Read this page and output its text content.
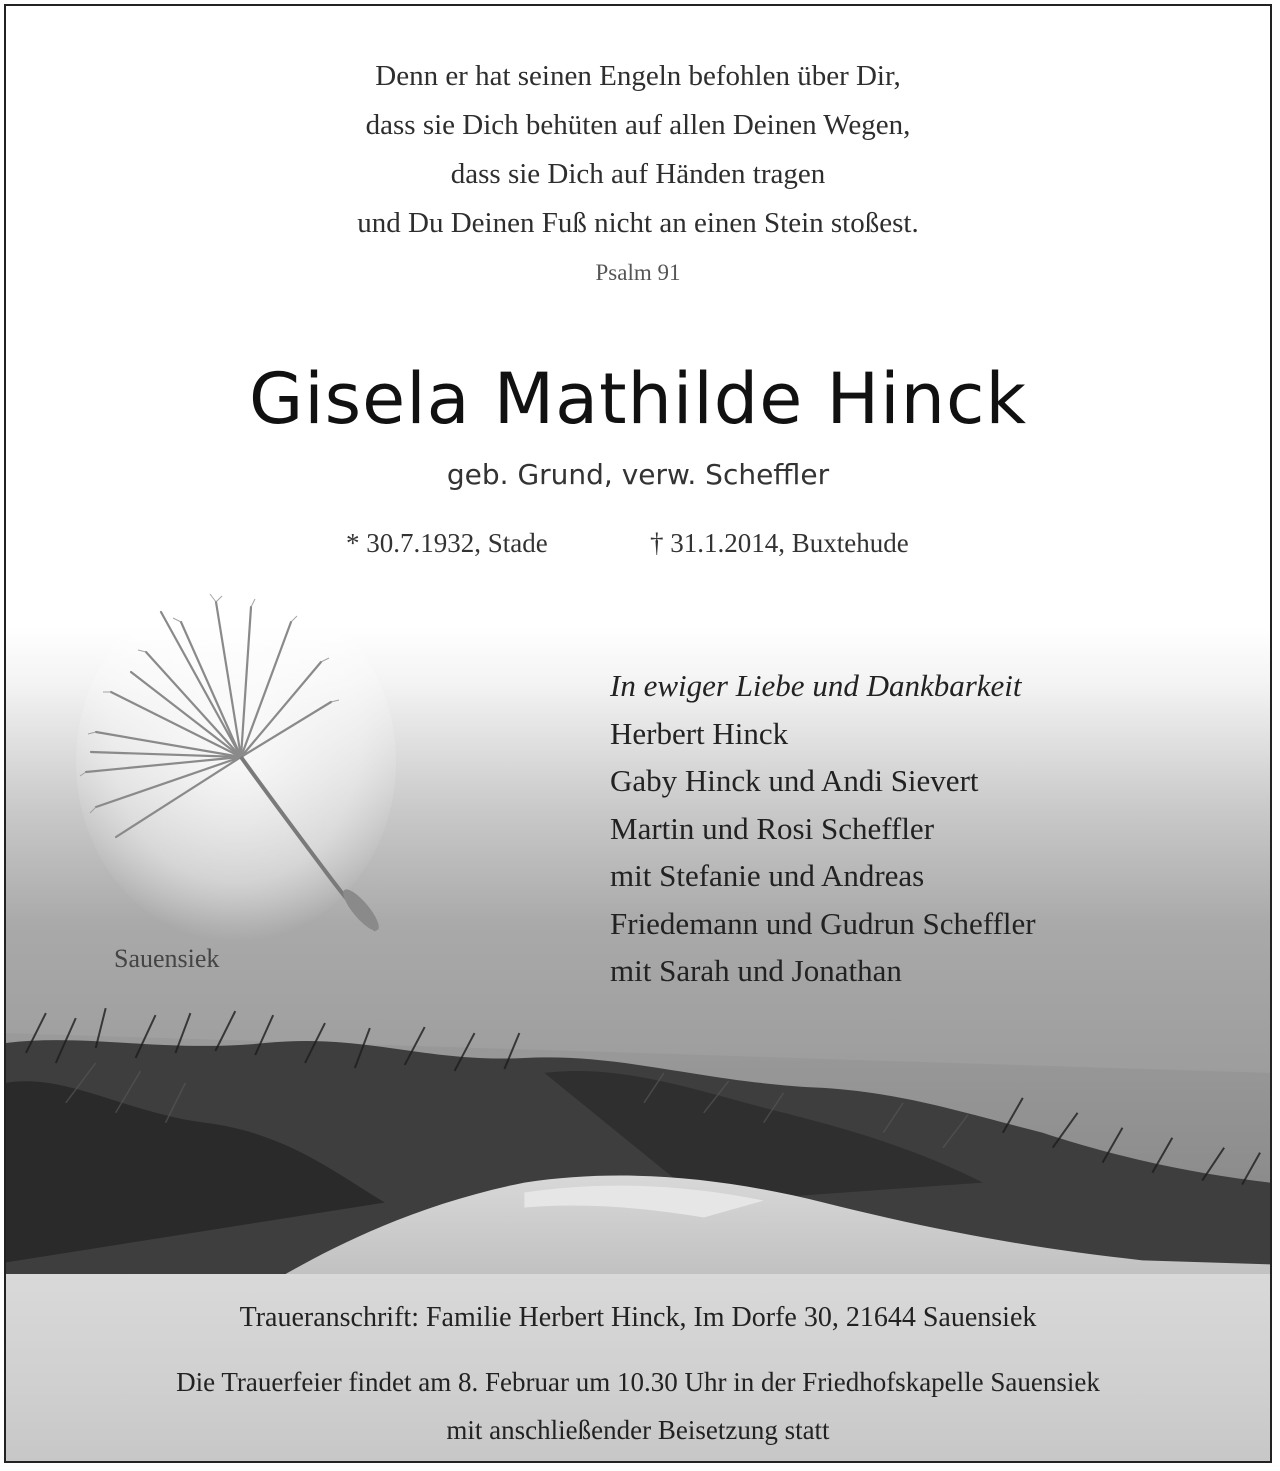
Denn er hat seinen Engeln befohlen über Dir,
dass sie Dich behüten auf allen Deinen Wegen,
dass sie Dich auf Händen tragen
und Du Deinen Fuß nicht an einen Stein stoßest.
Psalm 91
Gisela Mathilde Hinck
geb. Grund, verw. Scheffler
* 30.7.1932, Stade	† 31.1.2014, Buxtehude
Sauensiek
In ewiger Liebe und Dankbarkeit
Herbert Hinck
Gaby Hinck und Andi Sievert
Martin und Rosi Scheffler
mit Stefanie und Andreas
Friedemann und Gudrun Scheffler
mit Sarah und Jonathan
Traueranschrift: Familie Herbert Hinck, Im Dorfe 30, 21644 Sauensiek
Die Trauerfeier findet am 8. Februar um 10.30 Uhr in der Friedhofskapelle Sauensiek
mit anschließender Beisetzung statt
